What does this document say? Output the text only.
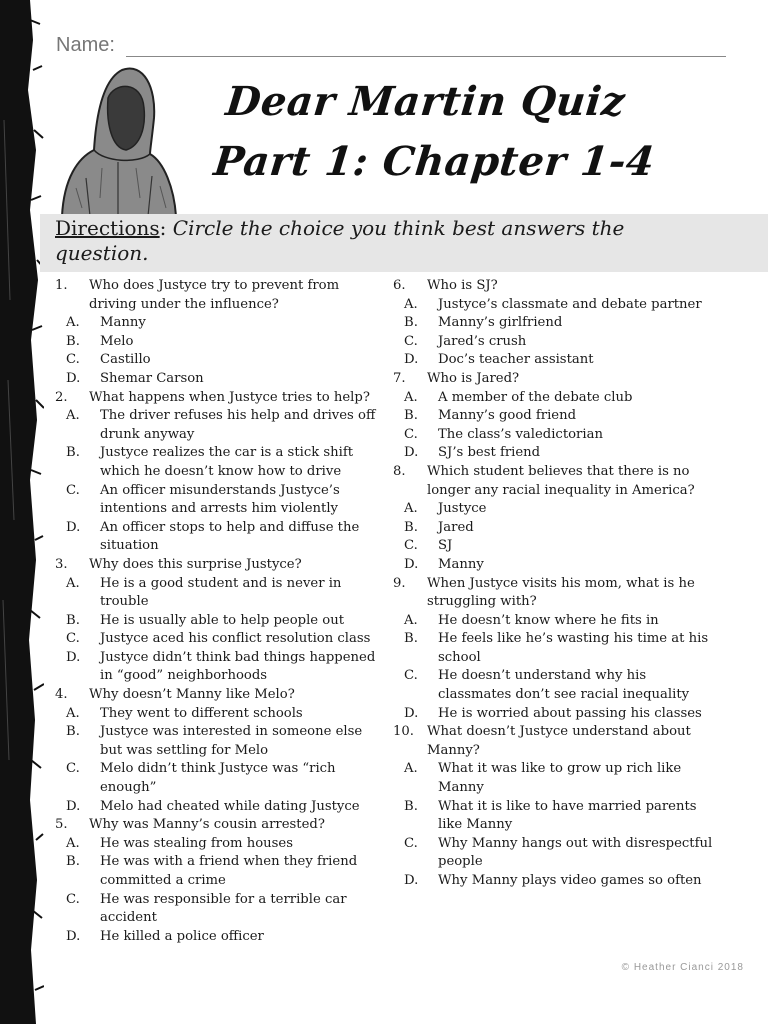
Name:
Dear Martin Quiz
Part 1: Chapter 1-4
Directions: Circle the choice you think best answers the question.
1. Who does Justyce try to prevent from driving under the influence?
A. Manny
B. Melo
C. Castillo
D. Shemar Carson
2. What happens when Justyce tries to help?
A. The driver refuses his help and drives off drunk anyway
B. Justyce realizes the car is a stick shift which he doesn’t know how to drive
C. An officer misunderstands Justyce’s intentions and arrests him violently
D. An officer stops to help and diffuse the situation
3. Why does this surprise Justyce?
A. He is a good student and is never in trouble
B. He is usually able to help people out
C. Justyce aced his conflict resolution class
D. Justyce didn’t think bad things happened in “good” neighborhoods
4. Why doesn’t Manny like Melo?
A. They went to different schools
B. Justyce was interested in someone else but was settling for Melo
C. Melo didn’t think Justyce was “rich enough”
D. Melo had cheated while dating Justyce
5. Why was Manny’s cousin arrested?
A. He was stealing from houses
B. He was with a friend when they friend committed a crime
C. He was responsible for a terrible car accident
D. He killed a police officer
6. Who is SJ?
A. Justyce’s classmate and debate partner
B. Manny’s girlfriend
C. Jared’s crush
D. Doc’s teacher assistant
7. Who is Jared?
A. A member of the debate club
B. Manny’s good friend
C. The class’s valedictorian
D. SJ’s best friend
8. Which student believes that there is no longer any racial inequality in America?
A. Justyce
B. Jared
C. SJ
D. Manny
9. When Justyce visits his mom, what is he struggling with?
A. He doesn’t know where he fits in
B. He feels like he’s wasting his time at his school
C. He doesn’t understand why his classmates don’t see racial inequality
D. He is worried about passing his classes
10. What doesn’t Justyce understand about Manny?
A. What it was like to grow up rich like Manny
B. What it is like to have married parents like Manny
C. Why Manny hangs out with disrespectful people
D. Why Manny plays video games so often
© Heather Cianci 2018
